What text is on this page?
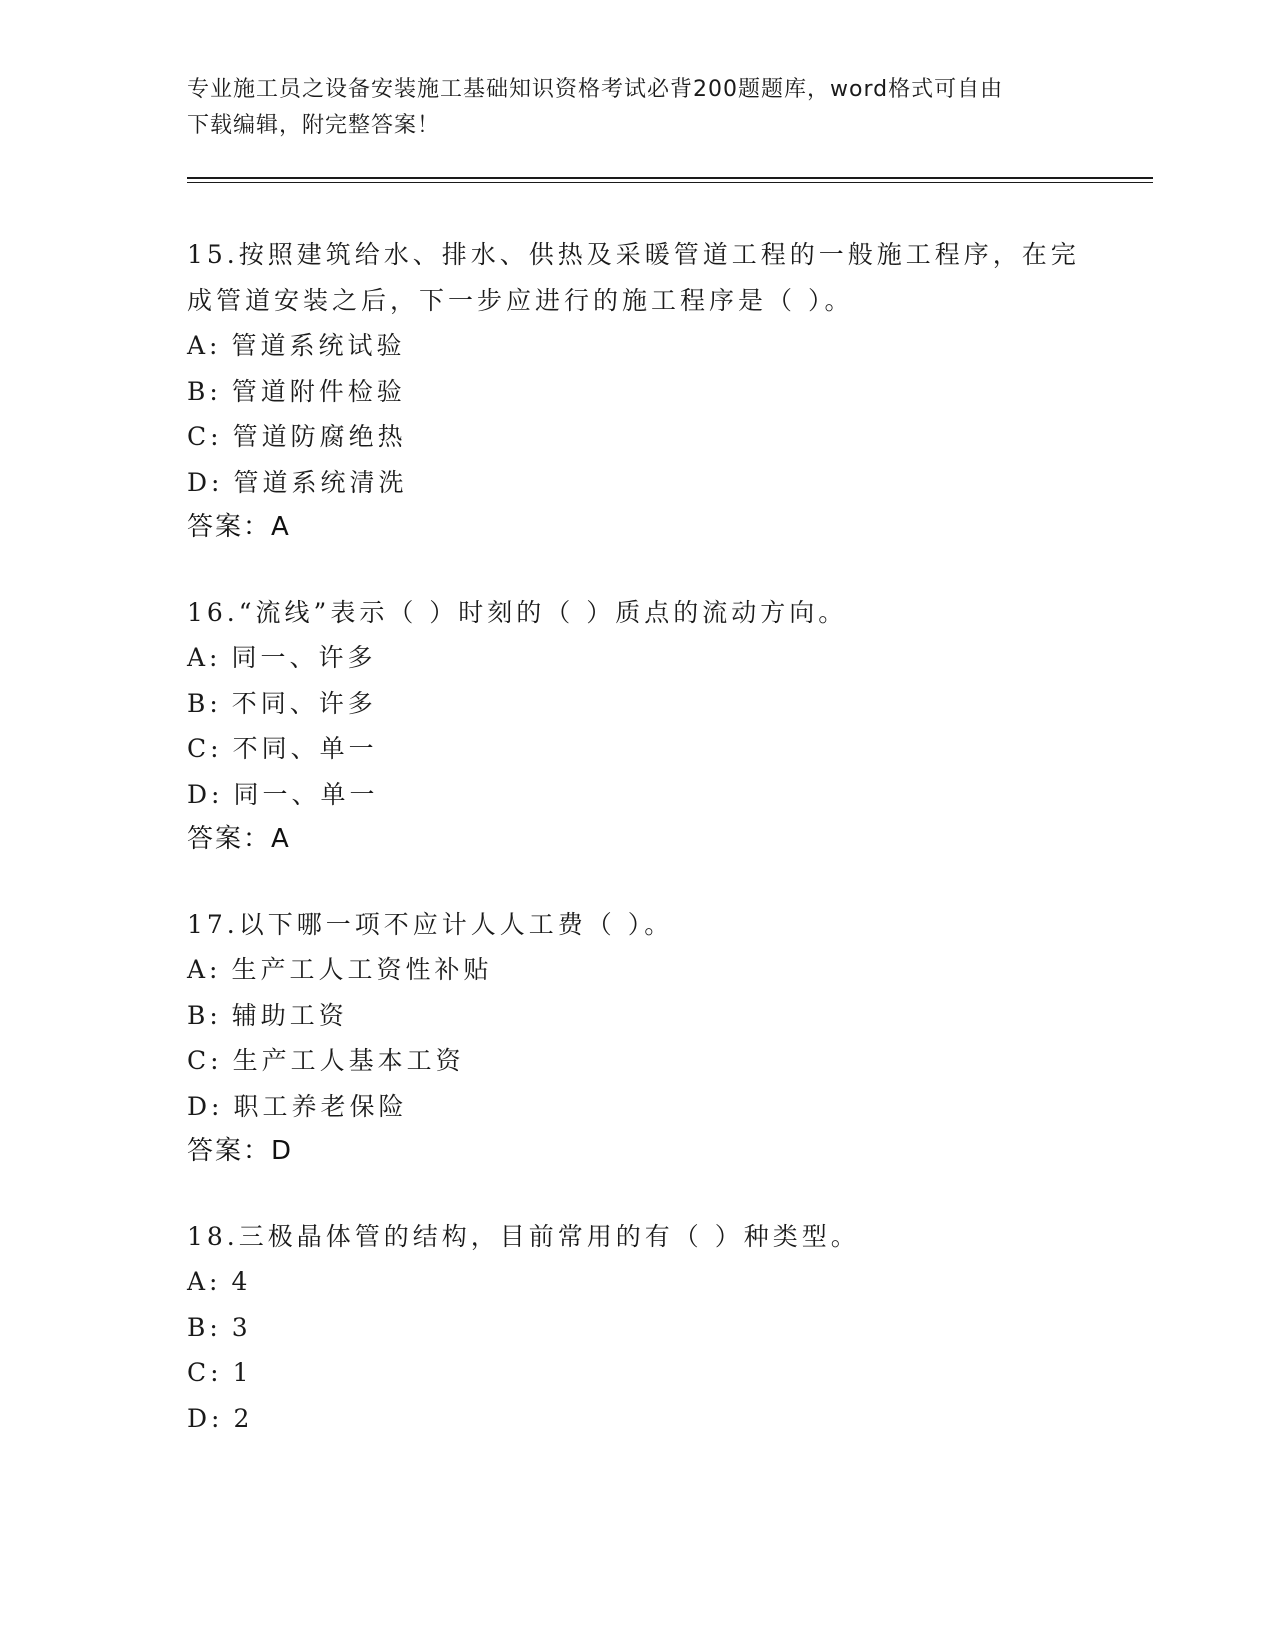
专业施工员之设备安装施工基础知识资格考试必背200题题库，word格式可自由
下载编辑，附完整答案！
15.按照建筑给水、排水、供热及采暖管道工程的一般施工程序，在完
成管道安装之后，下一步应进行的施工程序是（ ）。
A: 管道系统试验
B: 管道附件检验
C: 管道防腐绝热
D: 管道系统清洗
答案：A
16.“流线”表示（ ）时刻的（ ）质点的流动方向。
A: 同一、许多
B: 不同、许多
C: 不同、单一
D: 同一、单一
答案：A
17.以下哪一项不应计人人工费（ ）。
A: 生产工人工资性补贴
B: 辅助工资
C: 生产工人基本工资
D: 职工养老保险
答案：D
18.三极晶体管的结构，目前常用的有（ ）种类型。
A: 4
B: 3
C: 1
D: 2
